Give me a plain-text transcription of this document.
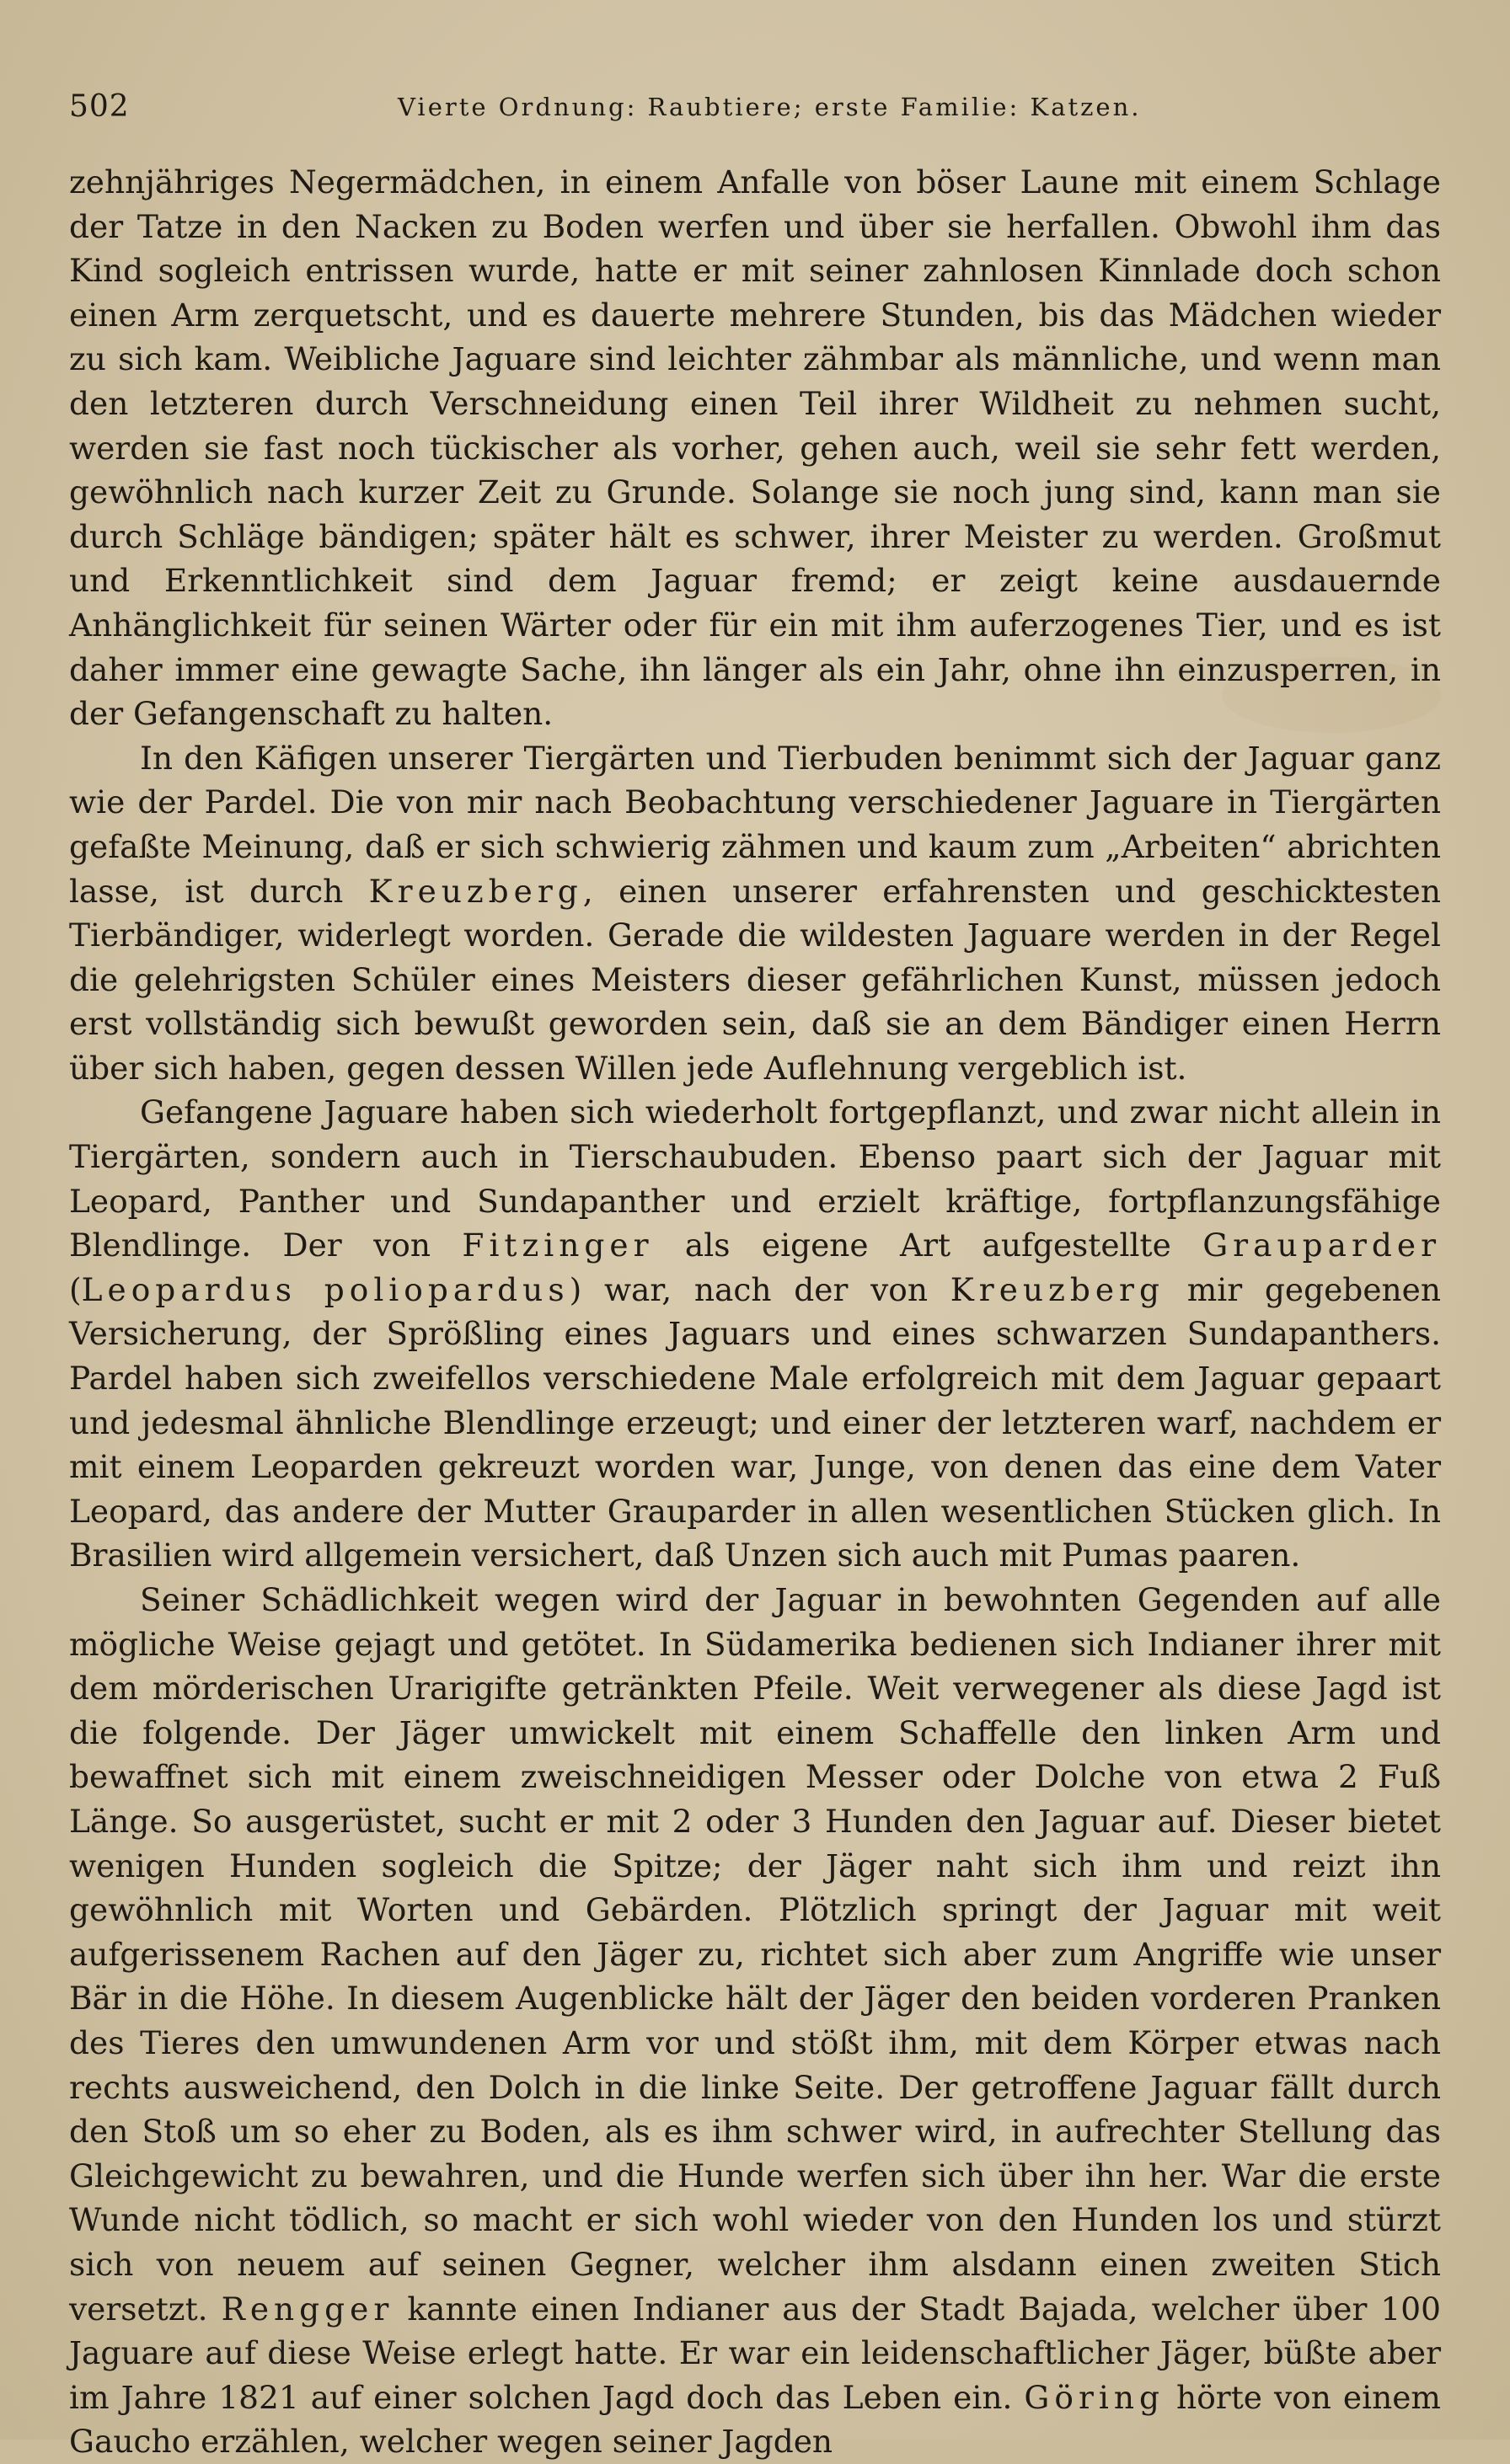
502	Vierte Ordnung: Raubtiere; erste Familie: Katzen.

zehnjähriges Negermädchen, in einem Anfalle von böser Laune mit einem Schlage der Tatze in den Nacken zu Boden werfen und über sie herfallen. Obwohl ihm das Kind sogleich entrissen wurde, hatte er mit seiner zahnlosen Kinnlade doch schon einen Arm zerquetscht, und es dauerte mehrere Stunden, bis das Mädchen wieder zu sich kam. Weibliche Jaguare sind leichter zähmbar als männliche, und wenn man den letzteren durch Verschneidung einen Teil ihrer Wildheit zu nehmen sucht, werden sie fast noch tückischer als vorher, gehen auch, weil sie sehr fett werden, gewöhnlich nach kurzer Zeit zu Grunde. Solange sie noch jung sind, kann man sie durch Schläge bändigen; später hält es schwer, ihrer Meister zu werden. Großmut und Erkenntlichkeit sind dem Jaguar fremd; er zeigt keine ausdauernde Anhänglichkeit für seinen Wärter oder für ein mit ihm auferzogenes Tier, und es ist daher immer eine gewagte Sache, ihn länger als ein Jahr, ohne ihn einzusperren, in der Gefangenschaft zu halten.

In den Käfigen unserer Tiergärten und Tierbuden benimmt sich der Jaguar ganz wie der Pardel. Die von mir nach Beobachtung verschiedener Jaguare in Tiergärten gefaßte Meinung, daß er sich schwierig zähmen und kaum zum „Arbeiten“ abrichten lasse, ist durch Kreuzberg, einen unserer erfahrensten und geschicktesten Tierbändiger, widerlegt worden. Gerade die wildesten Jaguare werden in der Regel die gelehrigsten Schüler eines Meisters dieser gefährlichen Kunst, müssen jedoch erst vollständig sich bewußt geworden sein, daß sie an dem Bändiger einen Herrn über sich haben, gegen dessen Willen jede Auflehnung vergeblich ist.

Gefangene Jaguare haben sich wiederholt fortgepflanzt, und zwar nicht allein in Tiergärten, sondern auch in Tierschaubuden. Ebenso paart sich der Jaguar mit Leopard, Panther und Sundapanther und erzielt kräftige, fortpflanzungsfähige Blendlinge. Der von Fitzinger als eigene Art aufgestellte Grauparder (Leopardus poliopardus) war, nach der von Kreuzberg mir gegebenen Versicherung, der Sprößling eines Jaguars und eines schwarzen Sundapanthers. Pardel haben sich zweifellos verschiedene Male erfolgreich mit dem Jaguar gepaart und jedesmal ähnliche Blendlinge erzeugt; und einer der letzteren warf, nachdem er mit einem Leoparden gekreuzt worden war, Junge, von denen das eine dem Vater Leopard, das andere der Mutter Grauparder in allen wesentlichen Stücken glich. In Brasilien wird allgemein versichert, daß Unzen sich auch mit Pumas paaren.

Seiner Schädlichkeit wegen wird der Jaguar in bewohnten Gegenden auf alle mögliche Weise gejagt und getötet. In Südamerika bedienen sich Indianer ihrer mit dem mörderischen Urarigifte getränkten Pfeile. Weit verwegener als diese Jagd ist die folgende. Der Jäger umwickelt mit einem Schaffelle den linken Arm und bewaffnet sich mit einem zweischneidigen Messer oder Dolche von etwa 2 Fuß Länge. So ausgerüstet, sucht er mit 2 oder 3 Hunden den Jaguar auf. Dieser bietet wenigen Hunden sogleich die Spitze; der Jäger naht sich ihm und reizt ihn gewöhnlich mit Worten und Gebärden. Plötzlich springt der Jaguar mit weit aufgerissenem Rachen auf den Jäger zu, richtet sich aber zum Angriffe wie unser Bär in die Höhe. In diesem Augenblicke hält der Jäger den beiden vorderen Pranken des Tieres den umwundenen Arm vor und stößt ihm, mit dem Körper etwas nach rechts ausweichend, den Dolch in die linke Seite. Der getroffene Jaguar fällt durch den Stoß um so eher zu Boden, als es ihm schwer wird, in aufrechter Stellung das Gleichgewicht zu bewahren, und die Hunde werfen sich über ihn her. War die erste Wunde nicht tödlich, so macht er sich wohl wieder von den Hunden los und stürzt sich von neuem auf seinen Gegner, welcher ihm alsdann einen zweiten Stich versetzt. Rengger kannte einen Indianer aus der Stadt Bajada, welcher über 100 Jaguare auf diese Weise erlegt hatte. Er war ein leidenschaftlicher Jäger, büßte aber im Jahre 1821 auf einer solchen Jagd doch das Leben ein. Göring hörte von einem Gaucho erzählen, welcher wegen seiner Jagden
